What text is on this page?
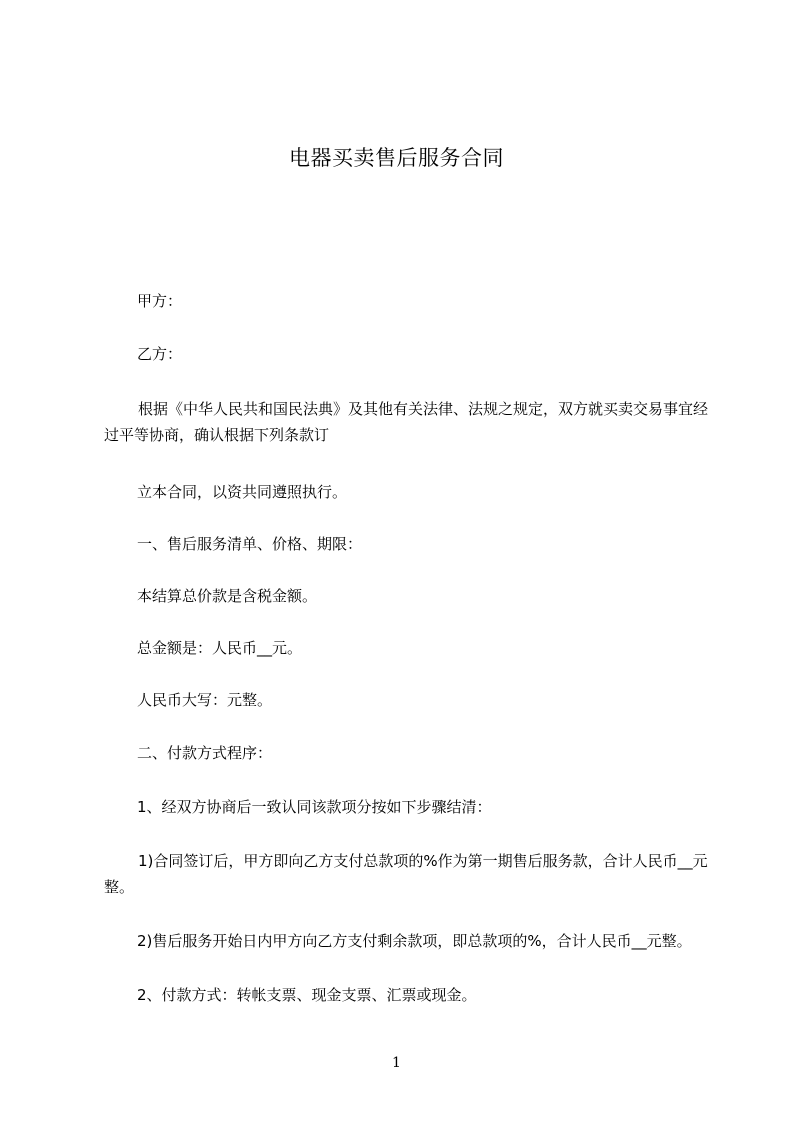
电器买卖售后服务合同
甲方：
乙方：
根据《中华人民共和国民法典》及其他有关法律、法规之规定，双方就买卖交易事宜经过平等协商，确认根据下列条款订
立本合同，以资共同遵照执行。
一、售后服务清单、价格、期限：
本结算总价款是含税金额。
总金额是：人民币__元。
人民币大写：元整。
二、付款方式程序：
1、经双方协商后一致认同该款项分按如下步骤结清：
1)合同签订后，甲方即向乙方支付总款项的%作为第一期售后服务款，合计人民币__元整。
2)售后服务开始日内甲方向乙方支付剩余款项，即总款项的%，合计人民币__元整。
2、付款方式：转帐支票、现金支票、汇票或现金。
1
